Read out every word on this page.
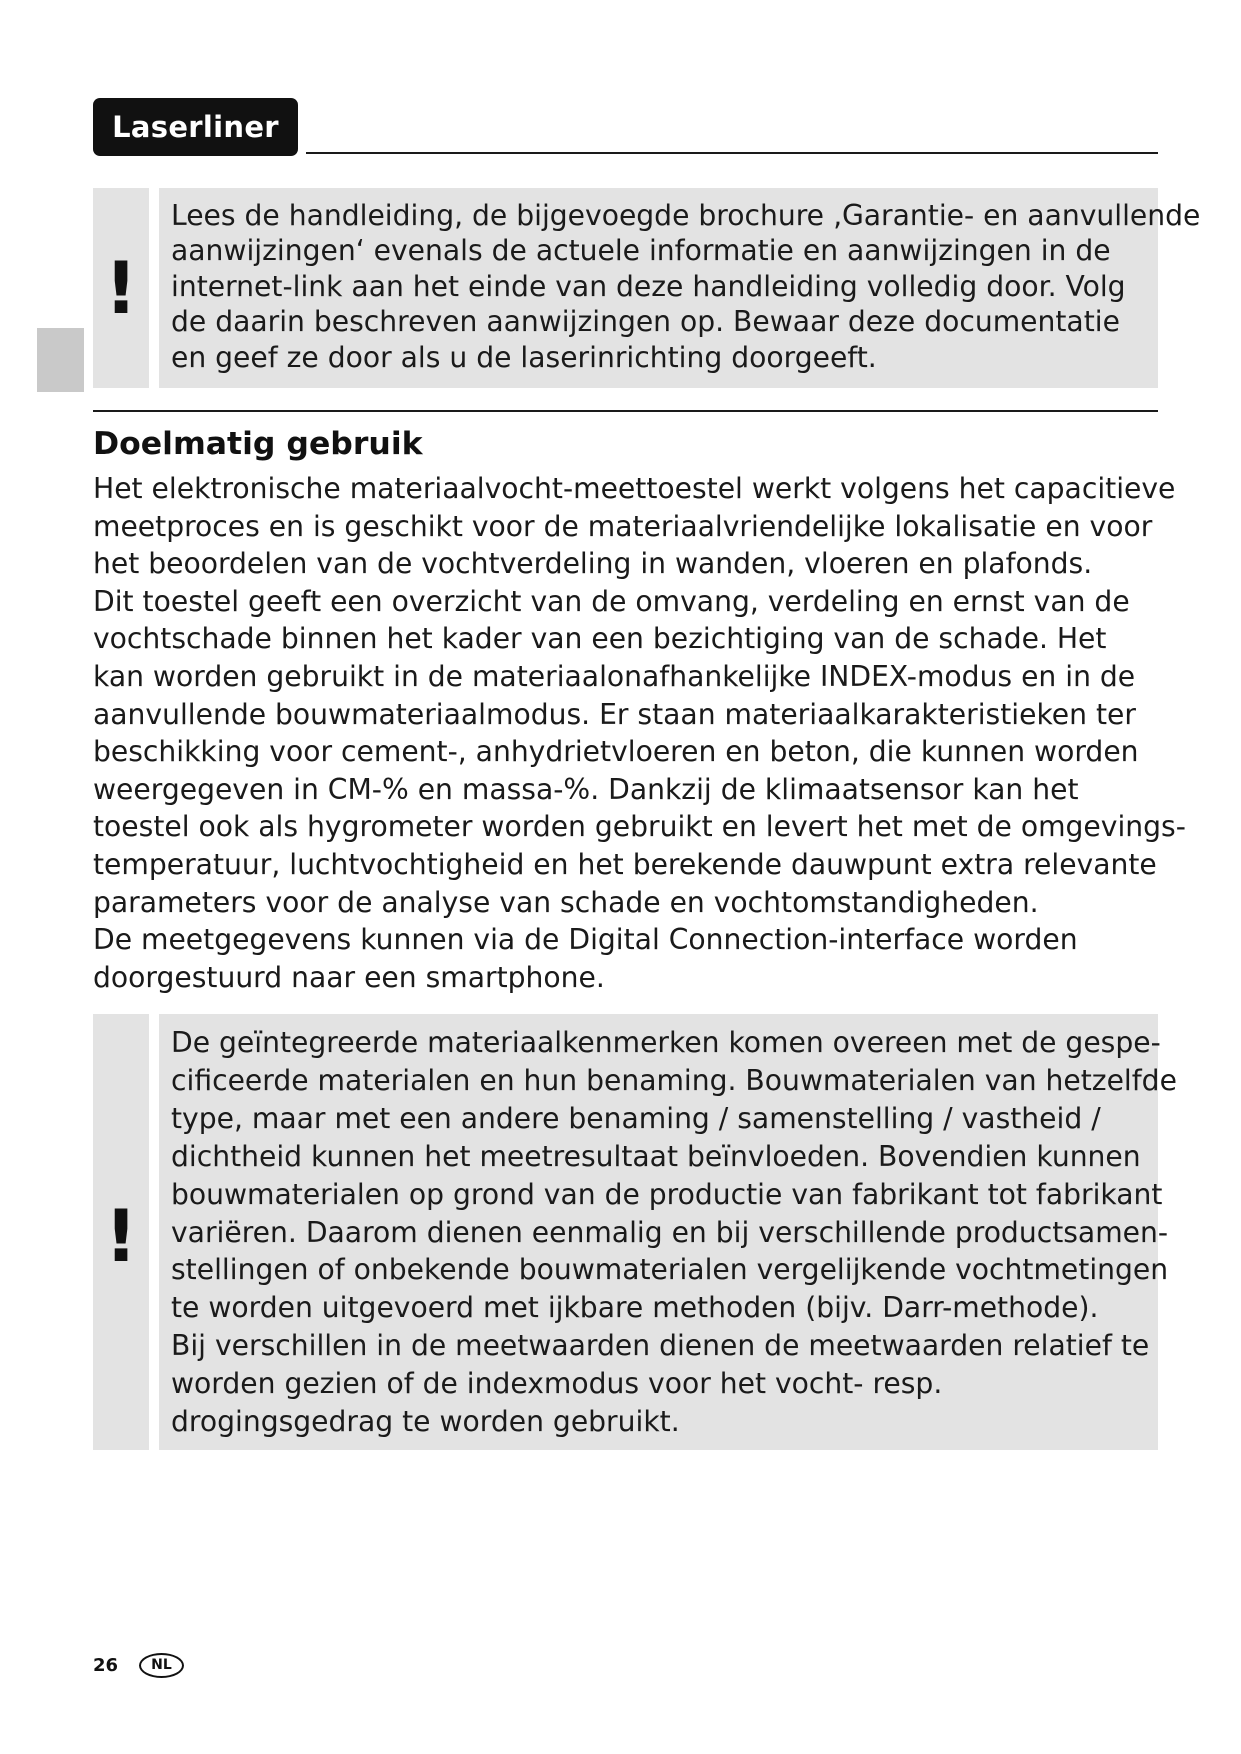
Laserliner
!

Lees de handleiding, de bijgevoegde brochure ‚Garantie- en aanvullende

aanwijzingen‘ evenals de actuele informatie en aanwijzingen in de

internet-link aan het einde van deze handleiding volledig door. Volg

de daarin beschreven aanwijzingen op. Bewaar deze documentatie

en geef ze door als u de laserinrichting doorgeeft.

Doelmatig gebruik

Het elektronische materiaalvocht-meettoestel werkt volgens het capacitieve

meetproces en is geschikt voor de materiaalvriendelijke lokalisatie en voor

het beoordelen van de vochtverdeling in wanden, vloeren en plafonds.

Dit toestel geeft een overzicht van de omvang, verdeling en ernst van de

vochtschade binnen het kader van een bezichtiging van de schade. Het

kan worden gebruikt in de materiaalonafhankelijke INDEX-modus en in de

aanvullende bouwmateriaalmodus. Er staan materiaalkarakteristieken ter

beschikking voor cement-, anhydrietvloeren en beton, die kunnen worden

weergegeven in CM-% en massa-%. Dankzij de klimaatsensor kan het

toestel ook als hygrometer worden gebruikt en levert het met de omgevings-

temperatuur, luchtvochtigheid en het berekende dauwpunt extra relevante

parameters voor de analyse van schade en vochtomstandigheden.

De meetgegevens kunnen via de Digital Connection-interface worden

doorgestuurd naar een smartphone.

!

De geïntegreerde materiaalkenmerken komen overeen met de gespe-

cificeerde materialen en hun benaming. Bouwmaterialen van hetzelfde

type, maar met een andere benaming / samenstelling / vastheid /

dichtheid kunnen het meetresultaat beïnvloeden. Bovendien kunnen

bouwmaterialen op grond van de productie van fabrikant tot fabrikant

variëren. Daarom dienen eenmalig en bij verschillende productsamen-

stellingen of onbekende bouwmaterialen vergelijkende vochtmetingen

te worden uitgevoerd met ijkbare methoden (bijv. Darr-methode).

Bij verschillen in de meetwaarden dienen de meetwaarden relatief te

worden gezien of de indexmodus voor het vocht- resp.

drogingsgedrag te worden gebruikt.

26	NL
